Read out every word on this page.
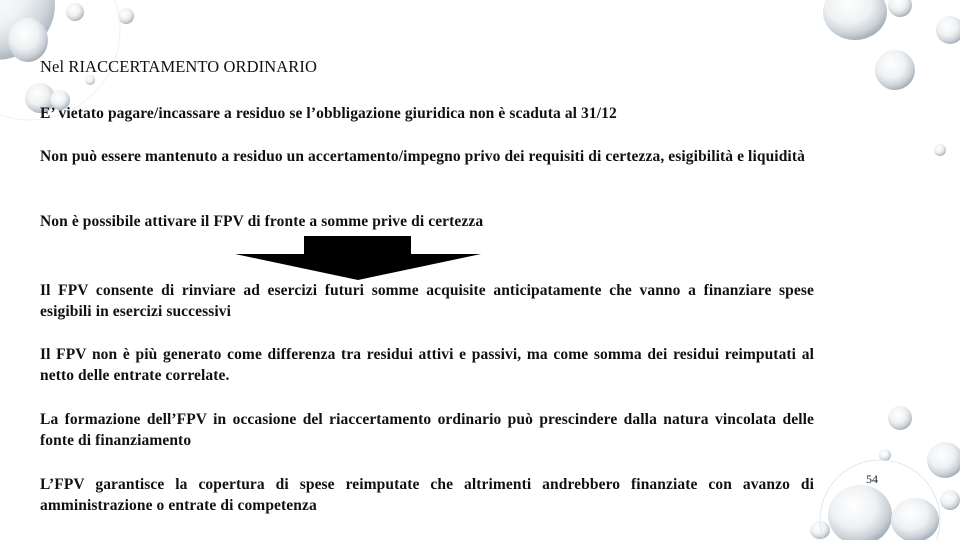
Nel RIACCERTAMENTO ORDINARIO
E’ vietato pagare/incassare a residuo se l’obbligazione giuridica non è scaduta al 31/12
Non può essere mantenuto a residuo un accertamento/impegno privo dei requisiti di certezza, esigibilità e liquidità
Non è possibile attivare il FPV di fronte a somme prive di certezza
Il FPV consente di rinviare ad esercizi futuri somme acquisite anticipatamente che vanno a finanziare spese esigibili in esercizi successivi
Il FPV non è più generato come differenza tra residui attivi e passivi, ma come somma dei residui reimputati al netto delle entrate correlate.
La formazione dell’FPV in occasione del riaccertamento ordinario può prescindere dalla natura vincolata delle fonte di finanziamento
L’FPV garantisce la copertura di spese reimputate che altrimenti andrebbero finanziate con avanzo di amministrazione o entrate di competenza
54
